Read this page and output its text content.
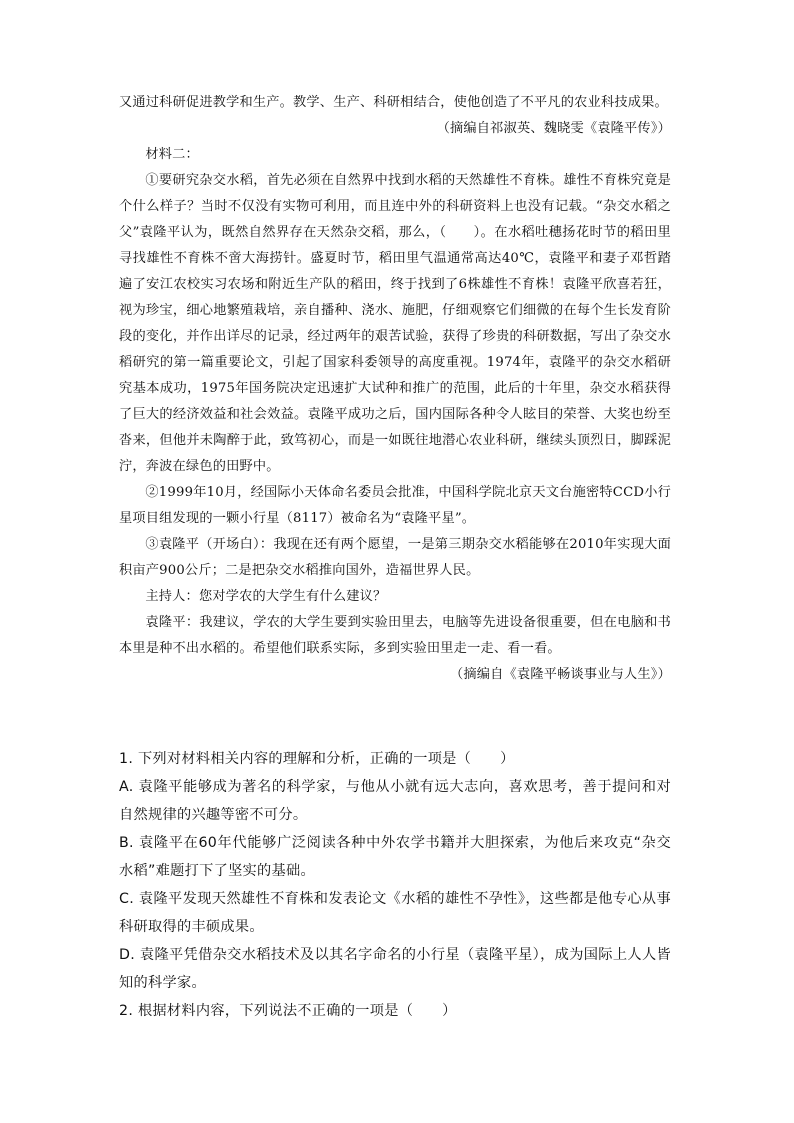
又通过科研促进教学和生产。教学、生产、科研相结合，使他创造了不平凡的农业科技成果。

（摘编自祁淑英、魏晓雯《袁隆平传》）

材料二：

①要研究杂交水稻，首先必须在自然界中找到水稻的天然雄性不育株。雄性不育株究竟是个什么样子？当时不仅没有实物可利用，而且连中外的科研资料上也没有记载。“杂交水稻之父”袁隆平认为，既然自然界存在天然杂交稻，那么，（　　）。在水稻吐穗扬花时节的稻田里寻找雄性不育株不啻大海捞针。盛夏时节，稻田里气温通常高达40℃，袁隆平和妻子邓哲踏遍了安江农校实习农场和附近生产队的稻田，终于找到了6株雄性不育株！袁隆平欣喜若狂，视为珍宝，细心地繁殖栽培，亲自播种、浇水、施肥，仔细观察它们细微的在每个生长发育阶段的变化，并作出详尽的记录，经过两年的艰苦试验，获得了珍贵的科研数据，写出了杂交水稻研究的第一篇重要论文，引起了国家科委领导的高度重视。1974年，袁隆平的杂交水稻研究基本成功，1975年国务院决定迅速扩大试种和推广的范围，此后的十年里，杂交水稻获得了巨大的经济效益和社会效益。袁隆平成功之后，国内国际各种令人眩目的荣誉、大奖也纷至沓来，但他并未陶醉于此，致笃初心，而是一如既往地潜心农业科研，继续头顶烈日，脚踩泥泞，奔波在绿色的田野中。

②1999年10月，经国际小天体命名委员会批准，中国科学院北京天文台施密特CCD小行星项目组发现的一颗小行星（8117）被命名为“袁隆平星”。

③袁隆平（开场白）：我现在还有两个愿望，一是第三期杂交水稻能够在2010年实现大面积亩产900公斤；二是把杂交水稻推向国外，造福世界人民。

主持人：您对学农的大学生有什么建议？

袁隆平：我建议，学农的大学生要到实验田里去，电脑等先进设备很重要，但在电脑和书本里是种不出水稻的。希望他们联系实际，多到实验田里走一走、看一看。

（摘编自《袁隆平畅谈事业与人生》）

1. 下列对材料相关内容的理解和分析，正确的一项是（　　）

A. 袁隆平能够成为著名的科学家，与他从小就有远大志向，喜欢思考，善于提问和对自然规律的兴趣等密不可分。

B. 袁隆平在60年代能够广泛阅读各种中外农学书籍并大胆探索，为他后来攻克“杂交水稻”难题打下了坚实的基础。

C. 袁隆平发现天然雄性不育株和发表论文《水稻的雄性不孕性》，这些都是他专心从事科研取得的丰硕成果。

D. 袁隆平凭借杂交水稻技术及以其名字命名的小行星（袁隆平星），成为国际上人人皆知的科学家。

2. 根据材料内容，下列说法不正确的一项是（　　）
